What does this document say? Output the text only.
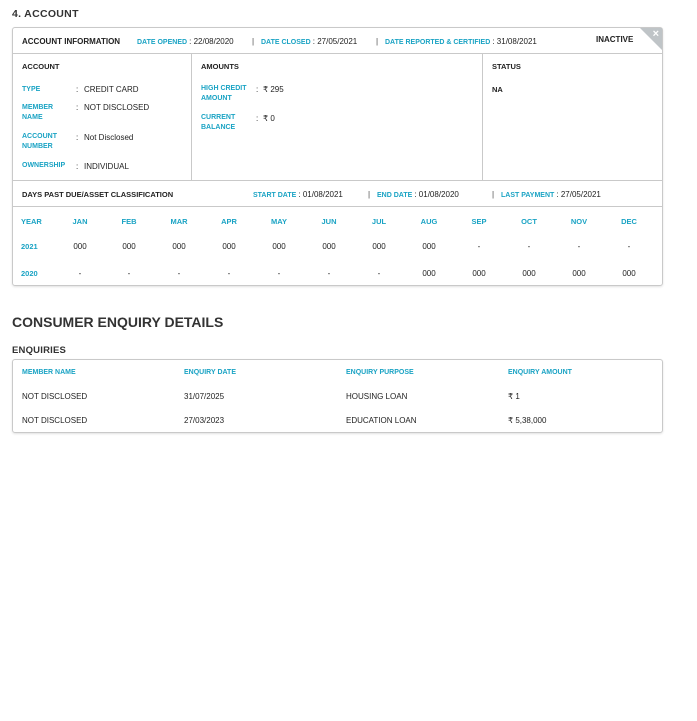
4. ACCOUNT
ACCOUNT INFORMATION DATE OPENED : 22/08/2020 | DATE CLOSED : 27/05/2021 | DATE REPORTED & CERTIFIED : 31/08/2021	INACTIVE ×
ACCOUNT
TYPE	: CREDIT CARD
MEMBER NAME
: NOT DISCLOSED
ACCOUNT NUMBER
: Not Disclosed
OWNERSHIP	: INDIVIDUAL
AMOUNTS
HIGH CREDIT AMOUNT
: ₹ 295
CURRENT BALANCE
: ₹ 0
STATUS
NA
DAYS PAST DUE/ASSET CLASSIFICATION	START DATE : 01/08/2021	| END DATE : 01/08/2020	| LAST PAYMENT : 27/05/2021
YEAR	JAN	FEB	MAR	APR	MAY	JUN	JUL	AUG	SEP	OCT	NOV	DEC
2021	000	000	000	000	000	000	000	000	-	-	-	-
2020	-	-	-	-	-	-	-	000	000	000	000	000
CONSUMER ENQUIRY DETAILS
ENQUIRIES
MEMBER NAME	ENQUIRY DATE	ENQUIRY PURPOSE	ENQUIRY AMOUNT
NOT DISCLOSED	31/07/2025	HOUSING LOAN	₹ 1
NOT DISCLOSED	27/03/2023	EDUCATION LOAN	₹ 5,38,000
